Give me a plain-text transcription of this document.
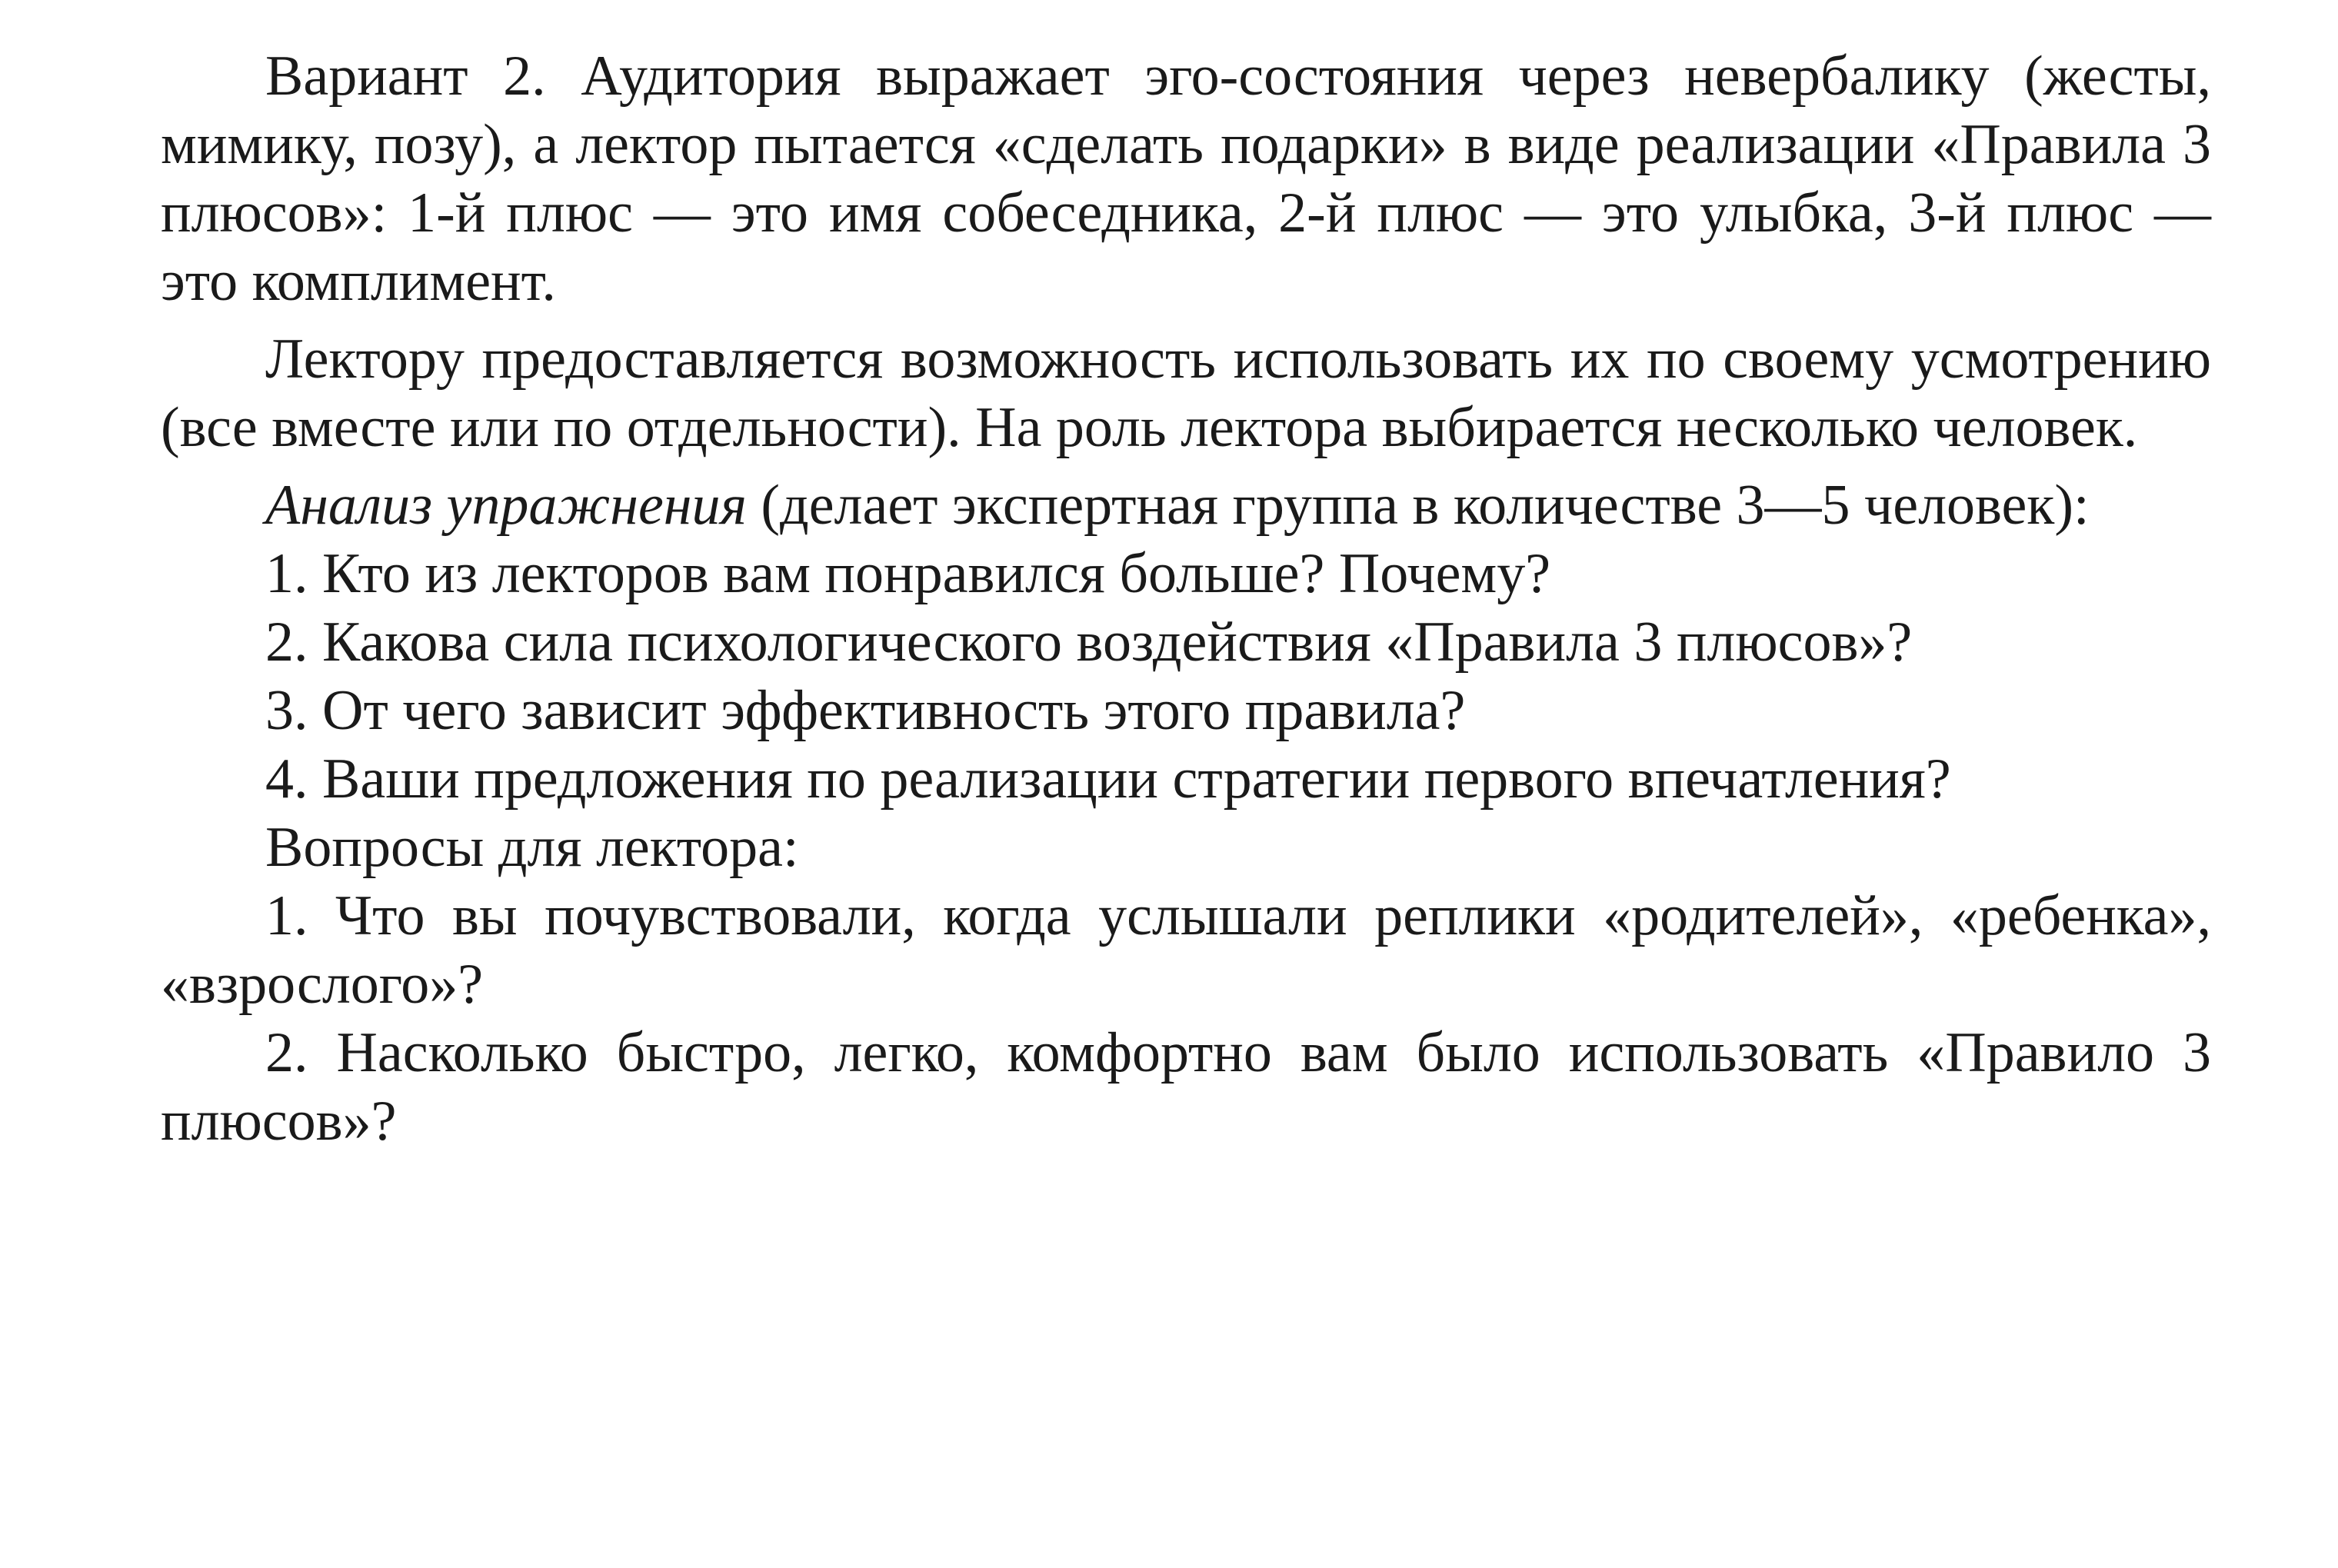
Вариант 2. Аудитория выражает эго-состояния через невербалику (жесты, мимику, позу), а лектор пытается «сделать подарки» в виде реализации «Правила 3 плюсов»: 1-й плюс — это имя собеседника, 2-й плюс — это улыбка, 3-й плюс — это комплимент.

Лектору предоставляется возможность использовать их по своему усмотрению (все вместе или по отдельности). На роль лектора выбирается несколько человек.

Анализ упражнения (делает экспертная группа в количестве 3—5 человек):

1. Кто из лекторов вам понравился больше? Почему?

2. Какова сила психологического воздействия «Правила 3 плюсов»?

3. От чего зависит эффективность этого правила?

4. Ваши предложения по реализации стратегии первого впечатления?

Вопросы для лектора:

1. Что вы почувствовали, когда услышали реплики «родителей», «ребенка», «взрослого»?

2. Насколько быстро, легко, комфортно вам было использовать «Правило 3 плюсов»?
